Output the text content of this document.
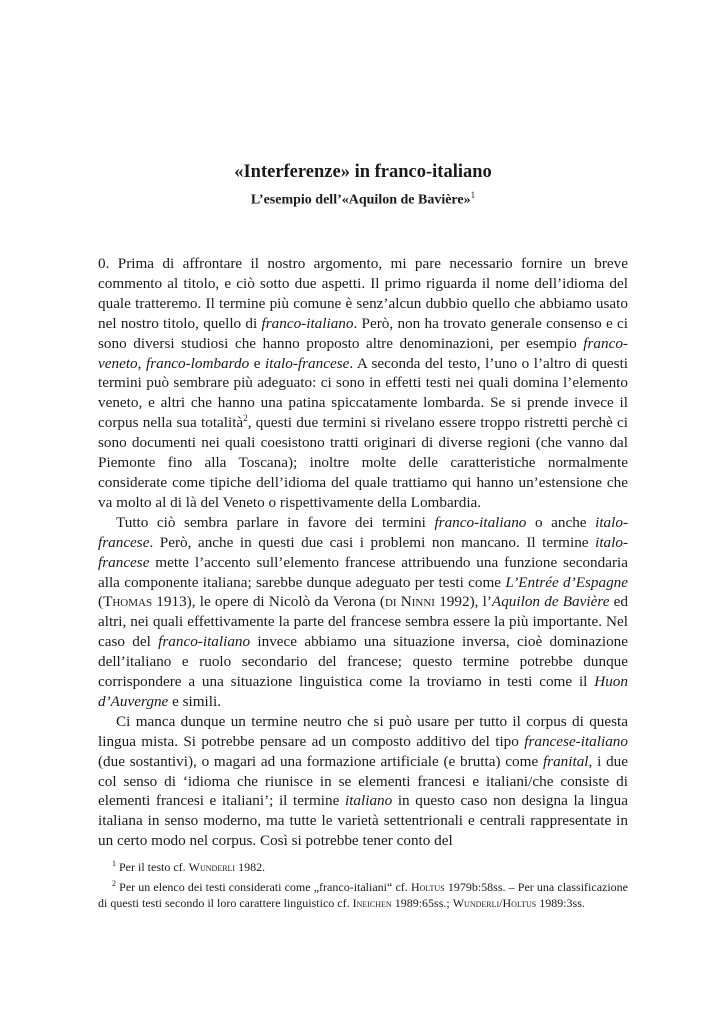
«Interferenze» in franco-italiano
L’esempio dell’«Aquilon de Bavière»$^1$

0. Prima di affrontare il nostro argomento, mi pare necessario fornire un breve commento al titolo, e ciò sotto due aspetti. Il primo riguarda il nome dell’idioma del quale tratteremo. Il termine più comune è senz’alcun dubbio quello che abbiamo usato nel nostro titolo, quello di franco-italiano. Però, non ha trovato generale consenso e ci sono diversi studiosi che hanno proposto altre denominazioni, per esempio franco-veneto, franco-lombardo e italo-francese. A seconda del testo, l’uno o l’altro di questi termini può sembrare più adeguato: ci sono in effetti testi nei quali domina l’elemento veneto, e altri che hanno una patina spiccatamente lombarda. Se si prende invece il corpus nella sua totalità$^2$, questi due termini si rivelano essere troppo ristretti perchè ci sono documenti nei quali coesistono tratti originari di diverse regioni (che vanno dal Piemonte fino alla Toscana); inoltre molte delle caratteristiche normalmente considerate come tipiche dell’idioma del quale trattiamo qui hanno un’estensione che va molto al di là del Veneto o rispettivamente della Lombardia.

Tutto ciò sembra parlare in favore dei termini franco-italiano o anche italo-francese. Però, anche in questi due casi i problemi non mancano. Il termine italo-francese mette l’accento sull’elemento francese attribuendo una funzione secondaria alla componente italiana; sarebbe dunque adeguato per testi come L’Entrée d’Espagne (Thomas 1913), le opere di Nicolò da Verona (di Ninni 1992), l’Aquilon de Bavière ed altri, nei quali effettivamente la parte del francese sembra essere la più importante. Nel caso del franco-italiano invece abbiamo una situazione inversa, cioè dominazione dell’italiano e ruolo secondario del francese; questo termine potrebbe dunque corrispondere a una situazione linguistica come la troviamo in testi come il Huon d’Auvergne e simili.

Ci manca dunque un termine neutro che si può usare per tutto il corpus di questa lingua mista. Si potrebbe pensare ad un composto additivo del tipo francese-italiano (due sostantivi), o magari ad una formazione artificiale (e brutta) come franital, i due col senso di ‘idioma che riunisce in se elementi francesi e italiani/che consiste di elementi francesi e italiani’; il termine italiano in questo caso non designa la lingua italiana in senso moderno, ma tutte le varietà settentrionali e centrali rappresentate in un certo modo nel corpus. Così si potrebbe tener conto del

$^1$ Per il testo cf. Wunderli 1982.

$^2$ Per un elenco dei testi considerati come „franco-italiani“ cf. Holtus 1979b:58ss. – Per una classificazione di questi testi secondo il loro carattere linguistico cf. Ineichen 1989:65ss.; Wunderli/Holtus 1989:3ss.
